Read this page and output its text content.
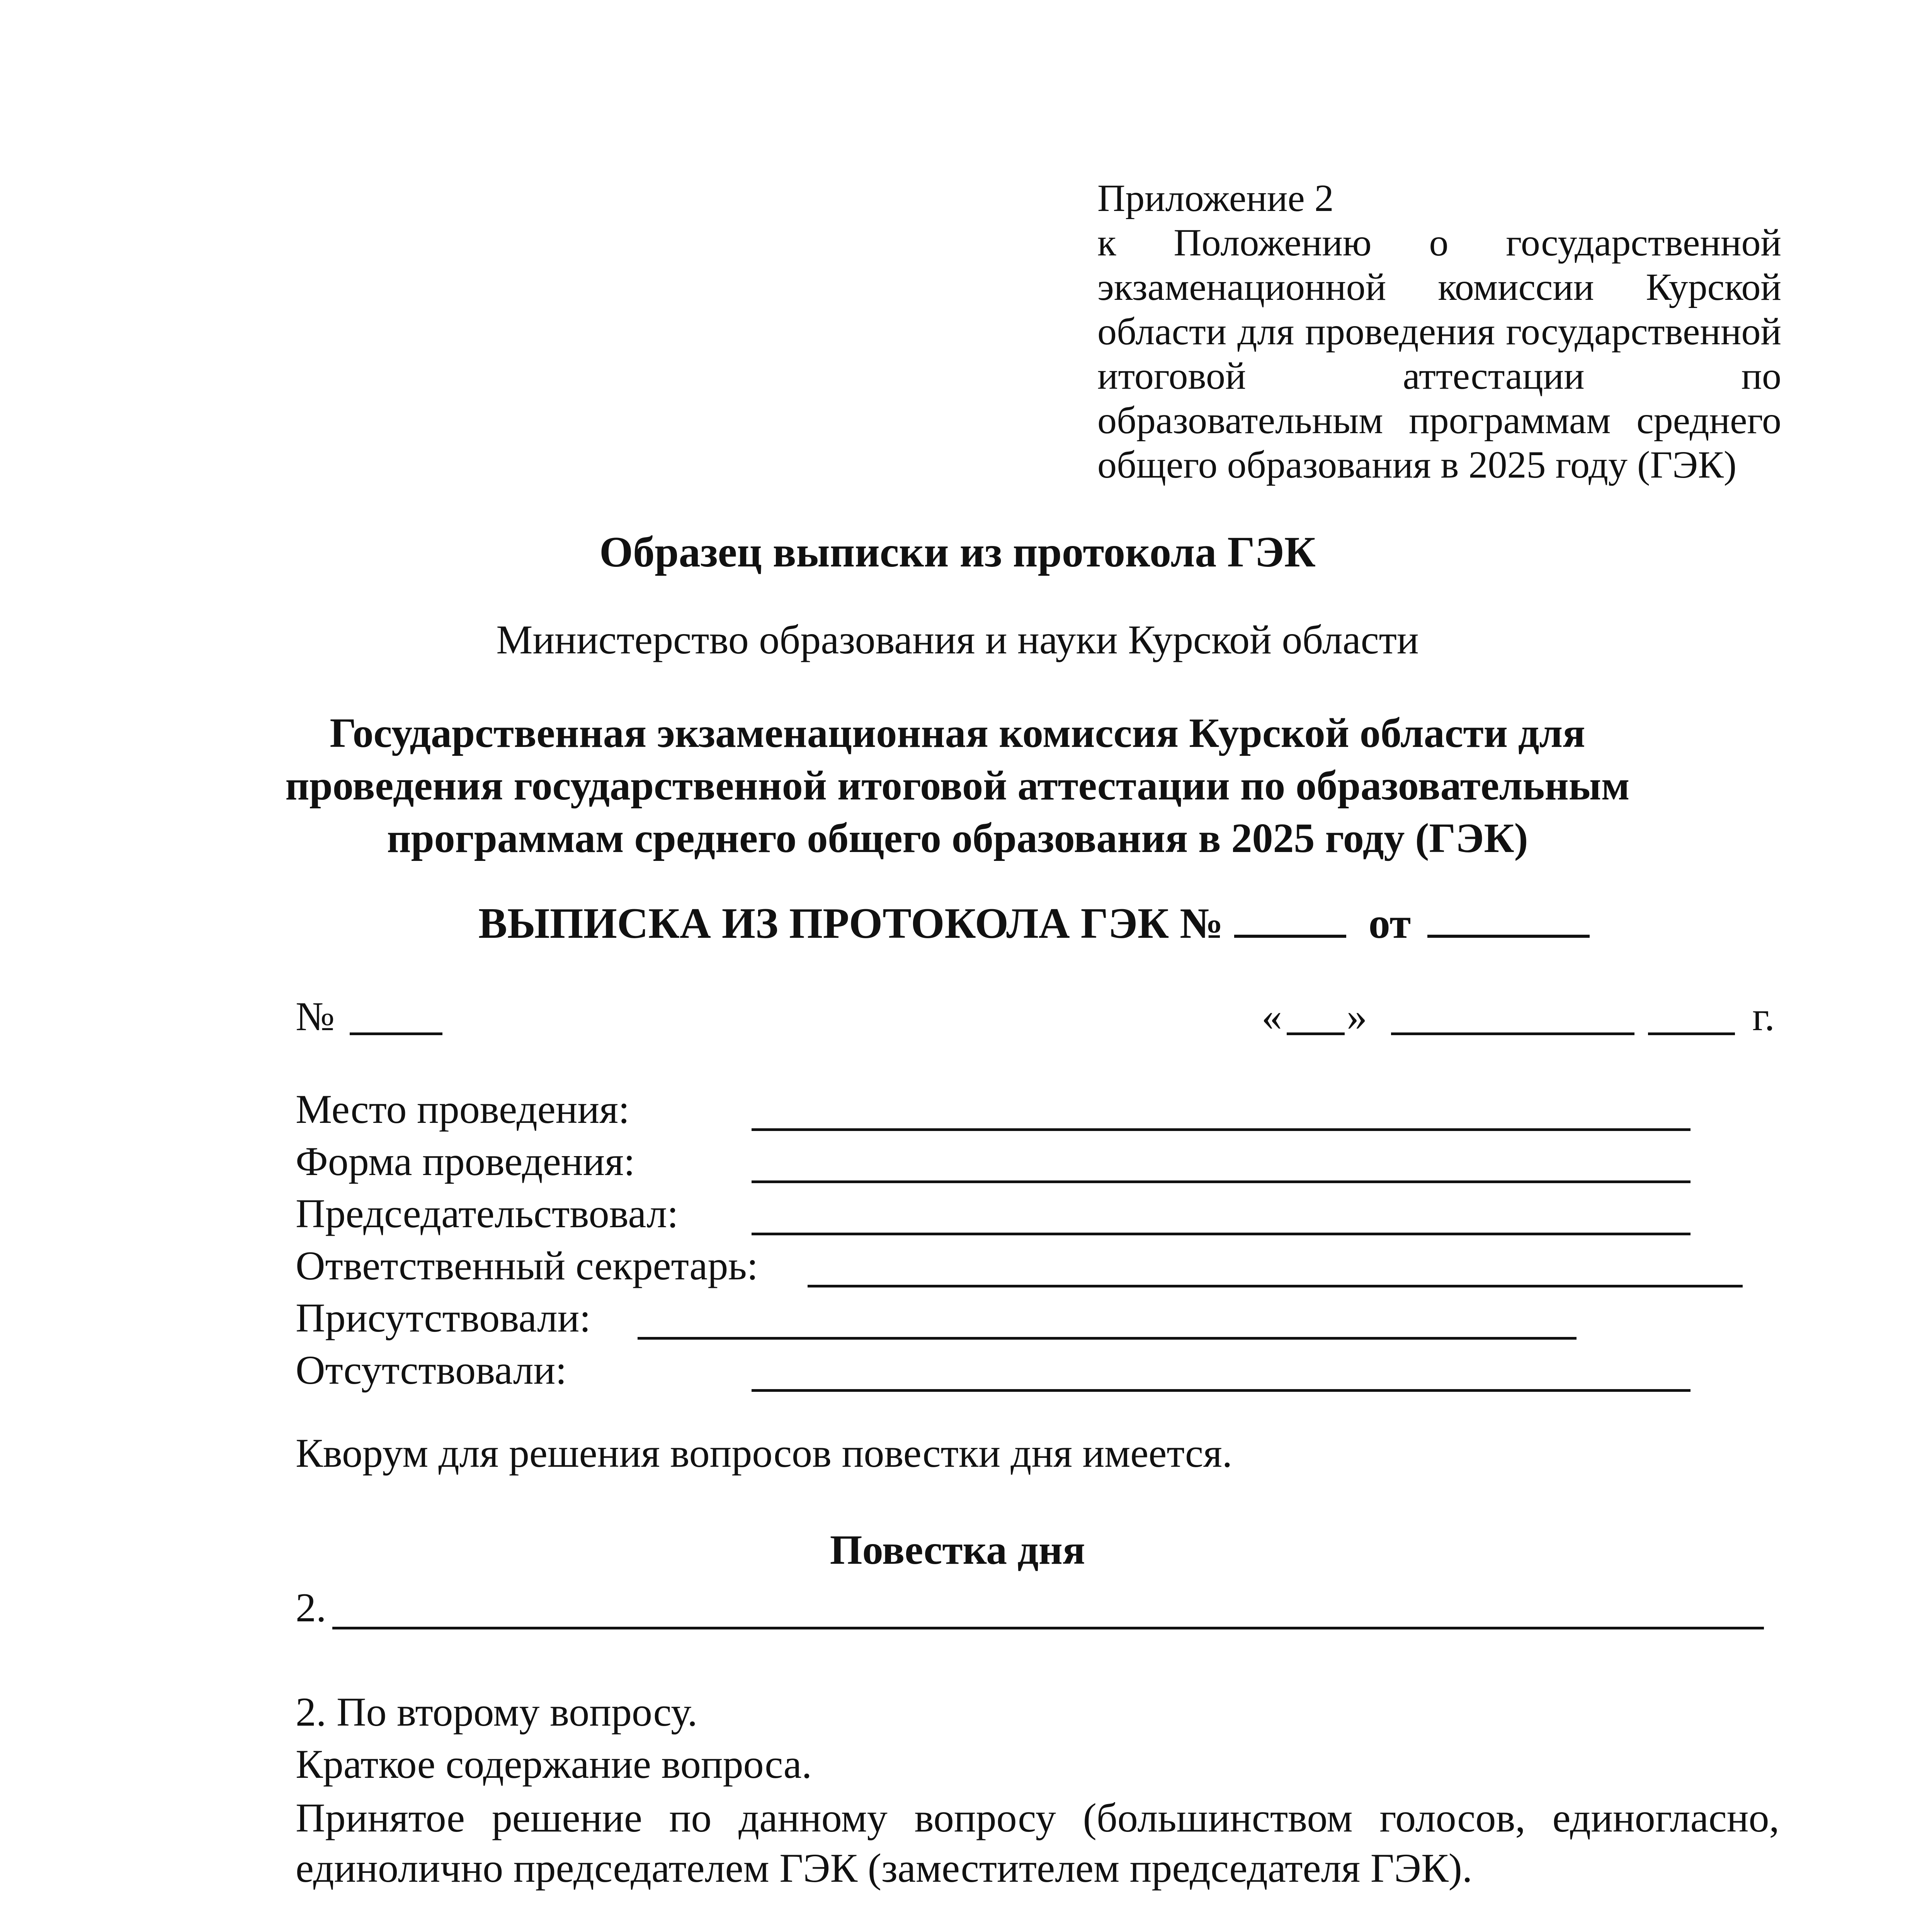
Приложение 2
к Положению о государственной экзаменационной комиссии Курской области для проведения государственной итоговой аттестации по образовательным программам среднего общего образования в 2025 году (ГЭК)
Образец выписки из протокола ГЭК
Министерство образования и науки Курской области
Государственная экзаменационная комиссия Курской области для
проведения государственной итоговой аттестации по образовательным
программам среднего общего образования в 2025 году (ГЭК)
ВЫПИСКА ИЗ ПРОТОКОЛА ГЭК №	от
№	« »	г.
Место проведения:
Форма проведения:
Председательствовал:
Ответственный секретарь:
Присутствовали:
Отсутствовали:
Кворум для решения вопросов повестки дня имеется.
Повестка дня
2.
2. По второму вопросу.
Краткое содержание вопроса.
Принятое решение по данному вопросу (большинством голосов, единогласно, единолично председателем ГЭК (заместителем председателя ГЭК).
